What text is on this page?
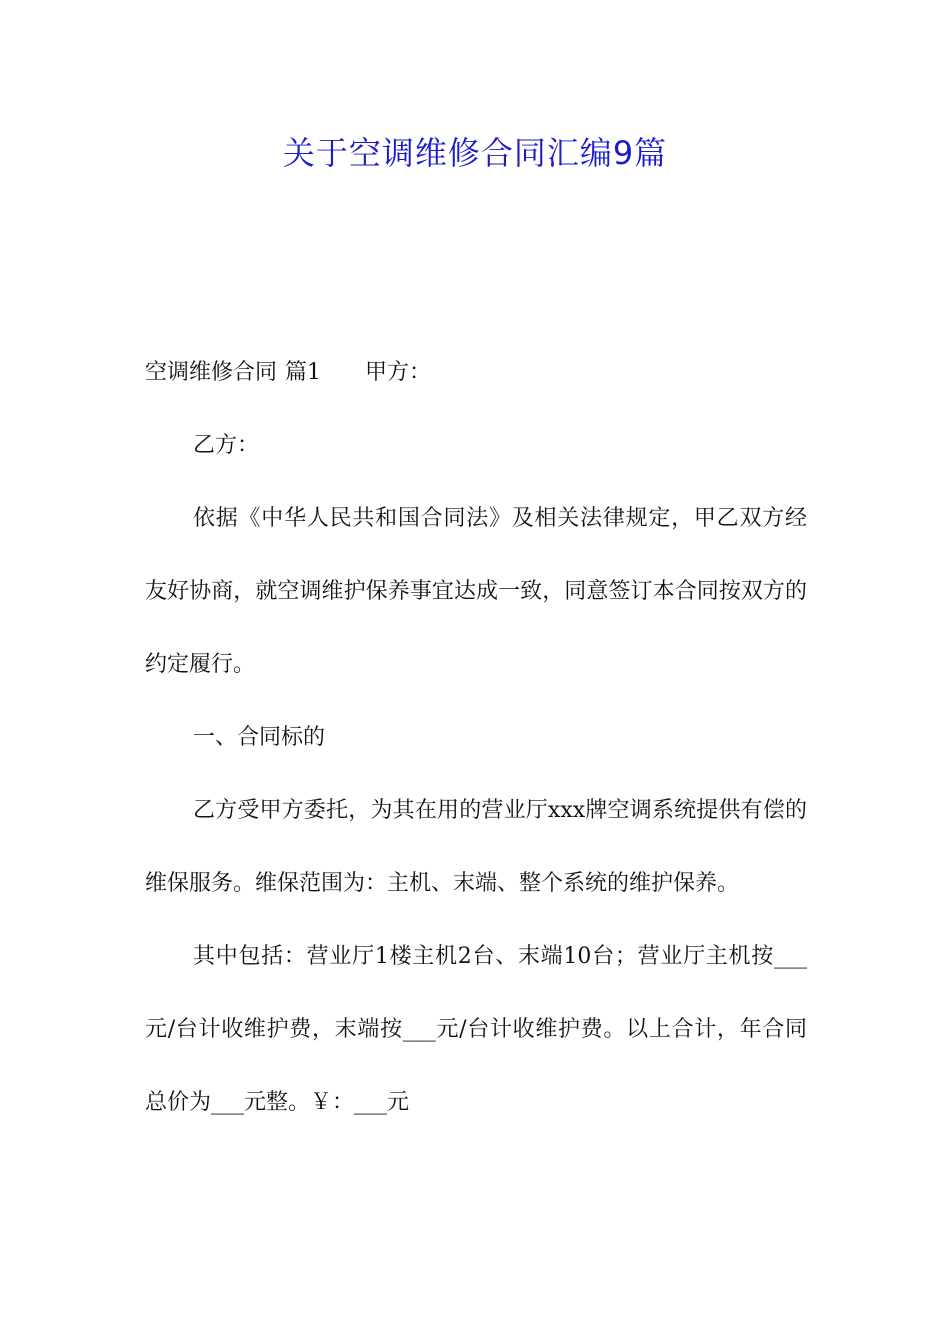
关于空调维修合同汇编9篇

空调维修合同 篇1 甲方：

乙方：

依据《中华人民共和国合同法》及相关法律规定，甲乙双方经友好协商，就空调维护保养事宜达成一致，同意签订本合同按双方的约定履行。

一、合同标的

乙方受甲方委托，为其在用的营业厅xxx牌空调系统提供有偿的维保服务。维保范围为：主机、末端、整个系统的维护保养。

其中包括：营业厅1楼主机2台、末端10台；营业厅主机按___元/台计收维护费，末端按___元/台计收维护费。以上合计，年合同总价为___元整。￥：___元
